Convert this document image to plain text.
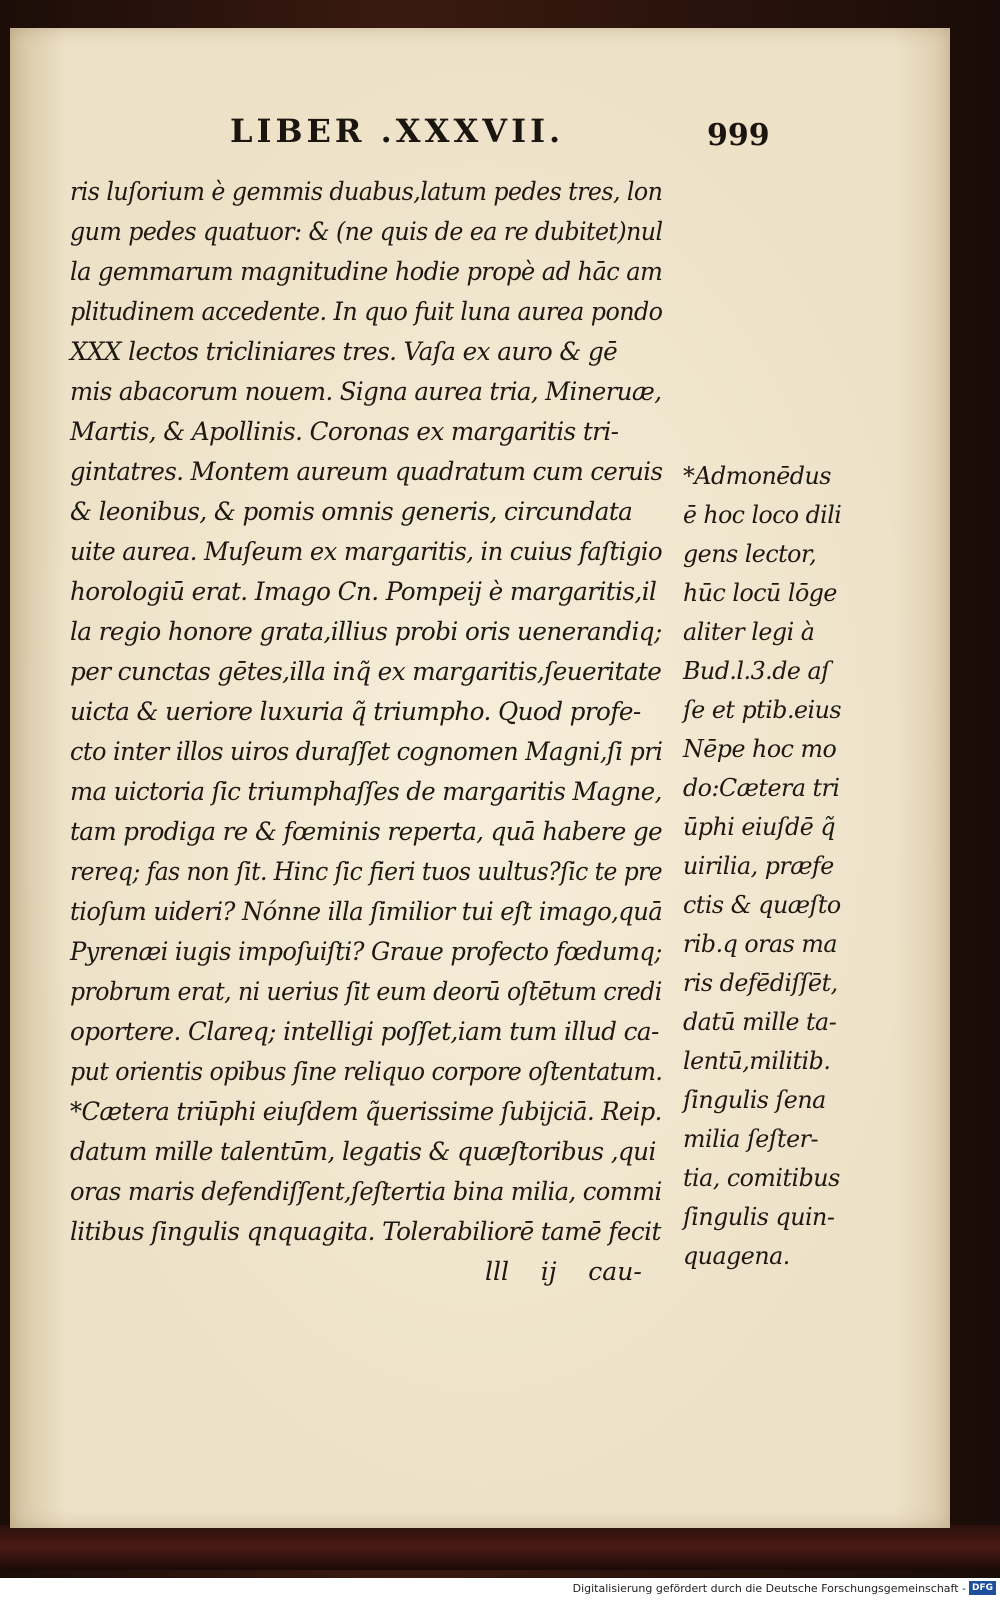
LIBER .XXXVII.	999
ris luſorium è gemmis duabus,latum pedes tres, lon
gum pedes quatuor: & (ne quis de ea re dubitet)nul
la gemmarum magnitudine hodie propè ad hāc am
plitudinem accedente. In quo fuit luna aurea pondo
XXX lectos tricliniares tres. Vaſa ex auro & gē
mis abacorum nouem. Signa aurea tria, Mineruæ,
Martis, & Apollinis. Coronas ex margaritis tri-
gintatres. Montem aureum quadratum cum ceruis
& leonibus, & pomis omnis generis, circundata
uite aurea. Muſeum ex margaritis, in cuius faſtigio
horologiū erat. Imago Cn. Pompeij è margaritis,il
la regio honore grata,illius probi oris uenerandiq;
per cunctas gētes,illa inq̃ ex margaritis,ſeueritate
uicta & ueriore luxuria q̃ triumpho. Quod profe-
cto inter illos uiros duraſſet cognomen Magni,ſi pri
ma uictoria ſic triumphaſſes de margaritis Magne,
tam prodiga re & fœminis reperta, quā habere ge
rereq; fas non ſit. Hinc ſic fieri tuos uultus?ſic te pre
tioſum uideri? Nónne illa ſimilior tui eſt imago,quā
Pyrenæi iugis impoſuiſti? Graue profecto fœdumq;
probrum erat, ni uerius ſit eum deorū oſtētum credi
oportere. Clareq; intelligi poſſet,iam tum illud ca-
put orientis opibus ſine reliquo corpore oſtentatum.
*Cætera triūphi eiuſdem q̃uerissime ſubijciā. Reip.
datum mille talentūm, legatis & quæſtoribus ,qui
oras maris defendiſſent,ſeſtertia bina milia, commi
litibus ſingulis qnquagita. Tolerabiliorē tamē fecit
lll    ij    cau-
*Admonēdus
ē hoc loco dili
gens lector,
hūc locū lōge
aliter legi à
Bud.l.3.de aſ
ſe et ptib.eius
Nēpe hoc mo
do:Cætera tri
ūphi eiuſdē q̃
uirilia, præfe
ctis & quæſto
rib.q oras ma
ris defēdiſſēt,
datū mille ta-
lentū,militib.
ſingulis ſena
milia ſeſter-
tia, comitibus
ſingulis quin-
quagena.
Digitalisierung gefördert durch die Deutsche Forschungsgemeinschaft - DFG
